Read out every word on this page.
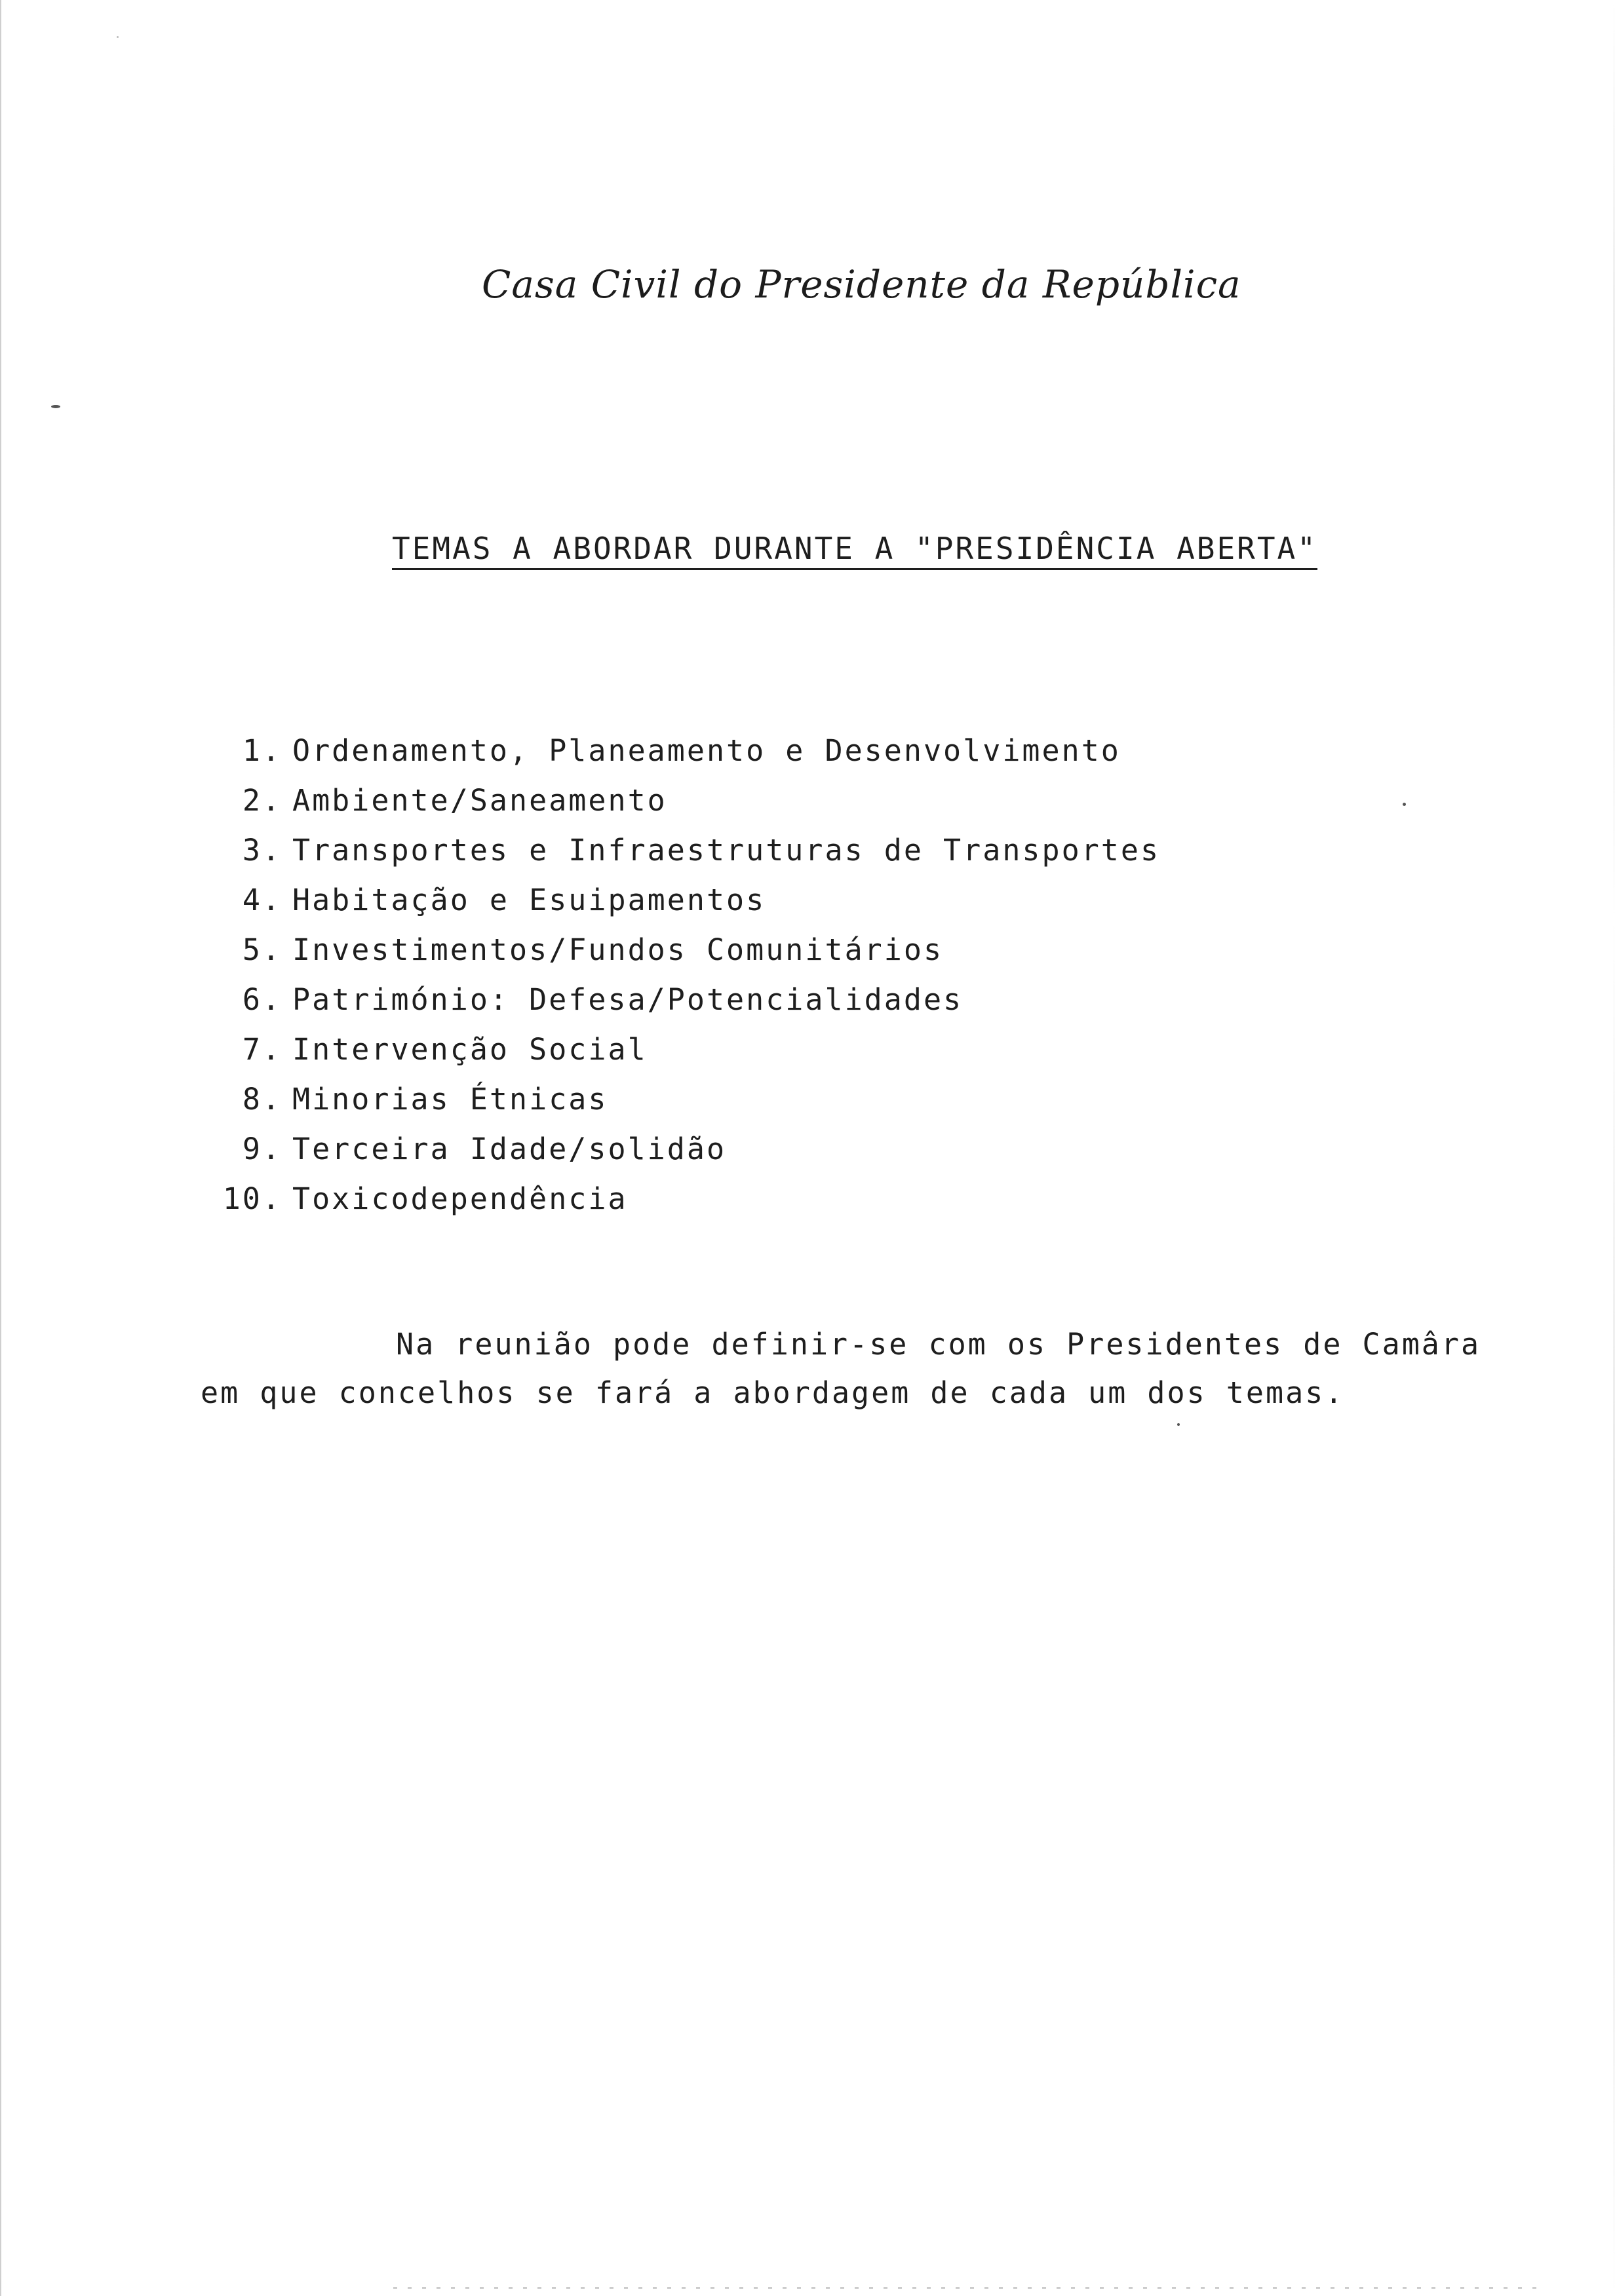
Casa Civil do Presidente da República
TEMAS A ABORDAR DURANTE A "PRESIDÊNCIA ABERTA"
1. Ordenamento, Planeamento e Desenvolvimento
2. Ambiente/Saneamento
3. Transportes e Infraestruturas de Transportes
4. Habitação e Esuipamentos
5. Investimentos/Fundos Comunitários
6. Património: Defesa/Potencialidades
7. Intervenção Social
8. Minorias Étnicas
9. Terceira Idade/solidão
10. Toxicodependência

Na reunião pode definir-se com os Presidentes de Camâra
em que concelhos se fará a abordagem de cada um dos temas.
